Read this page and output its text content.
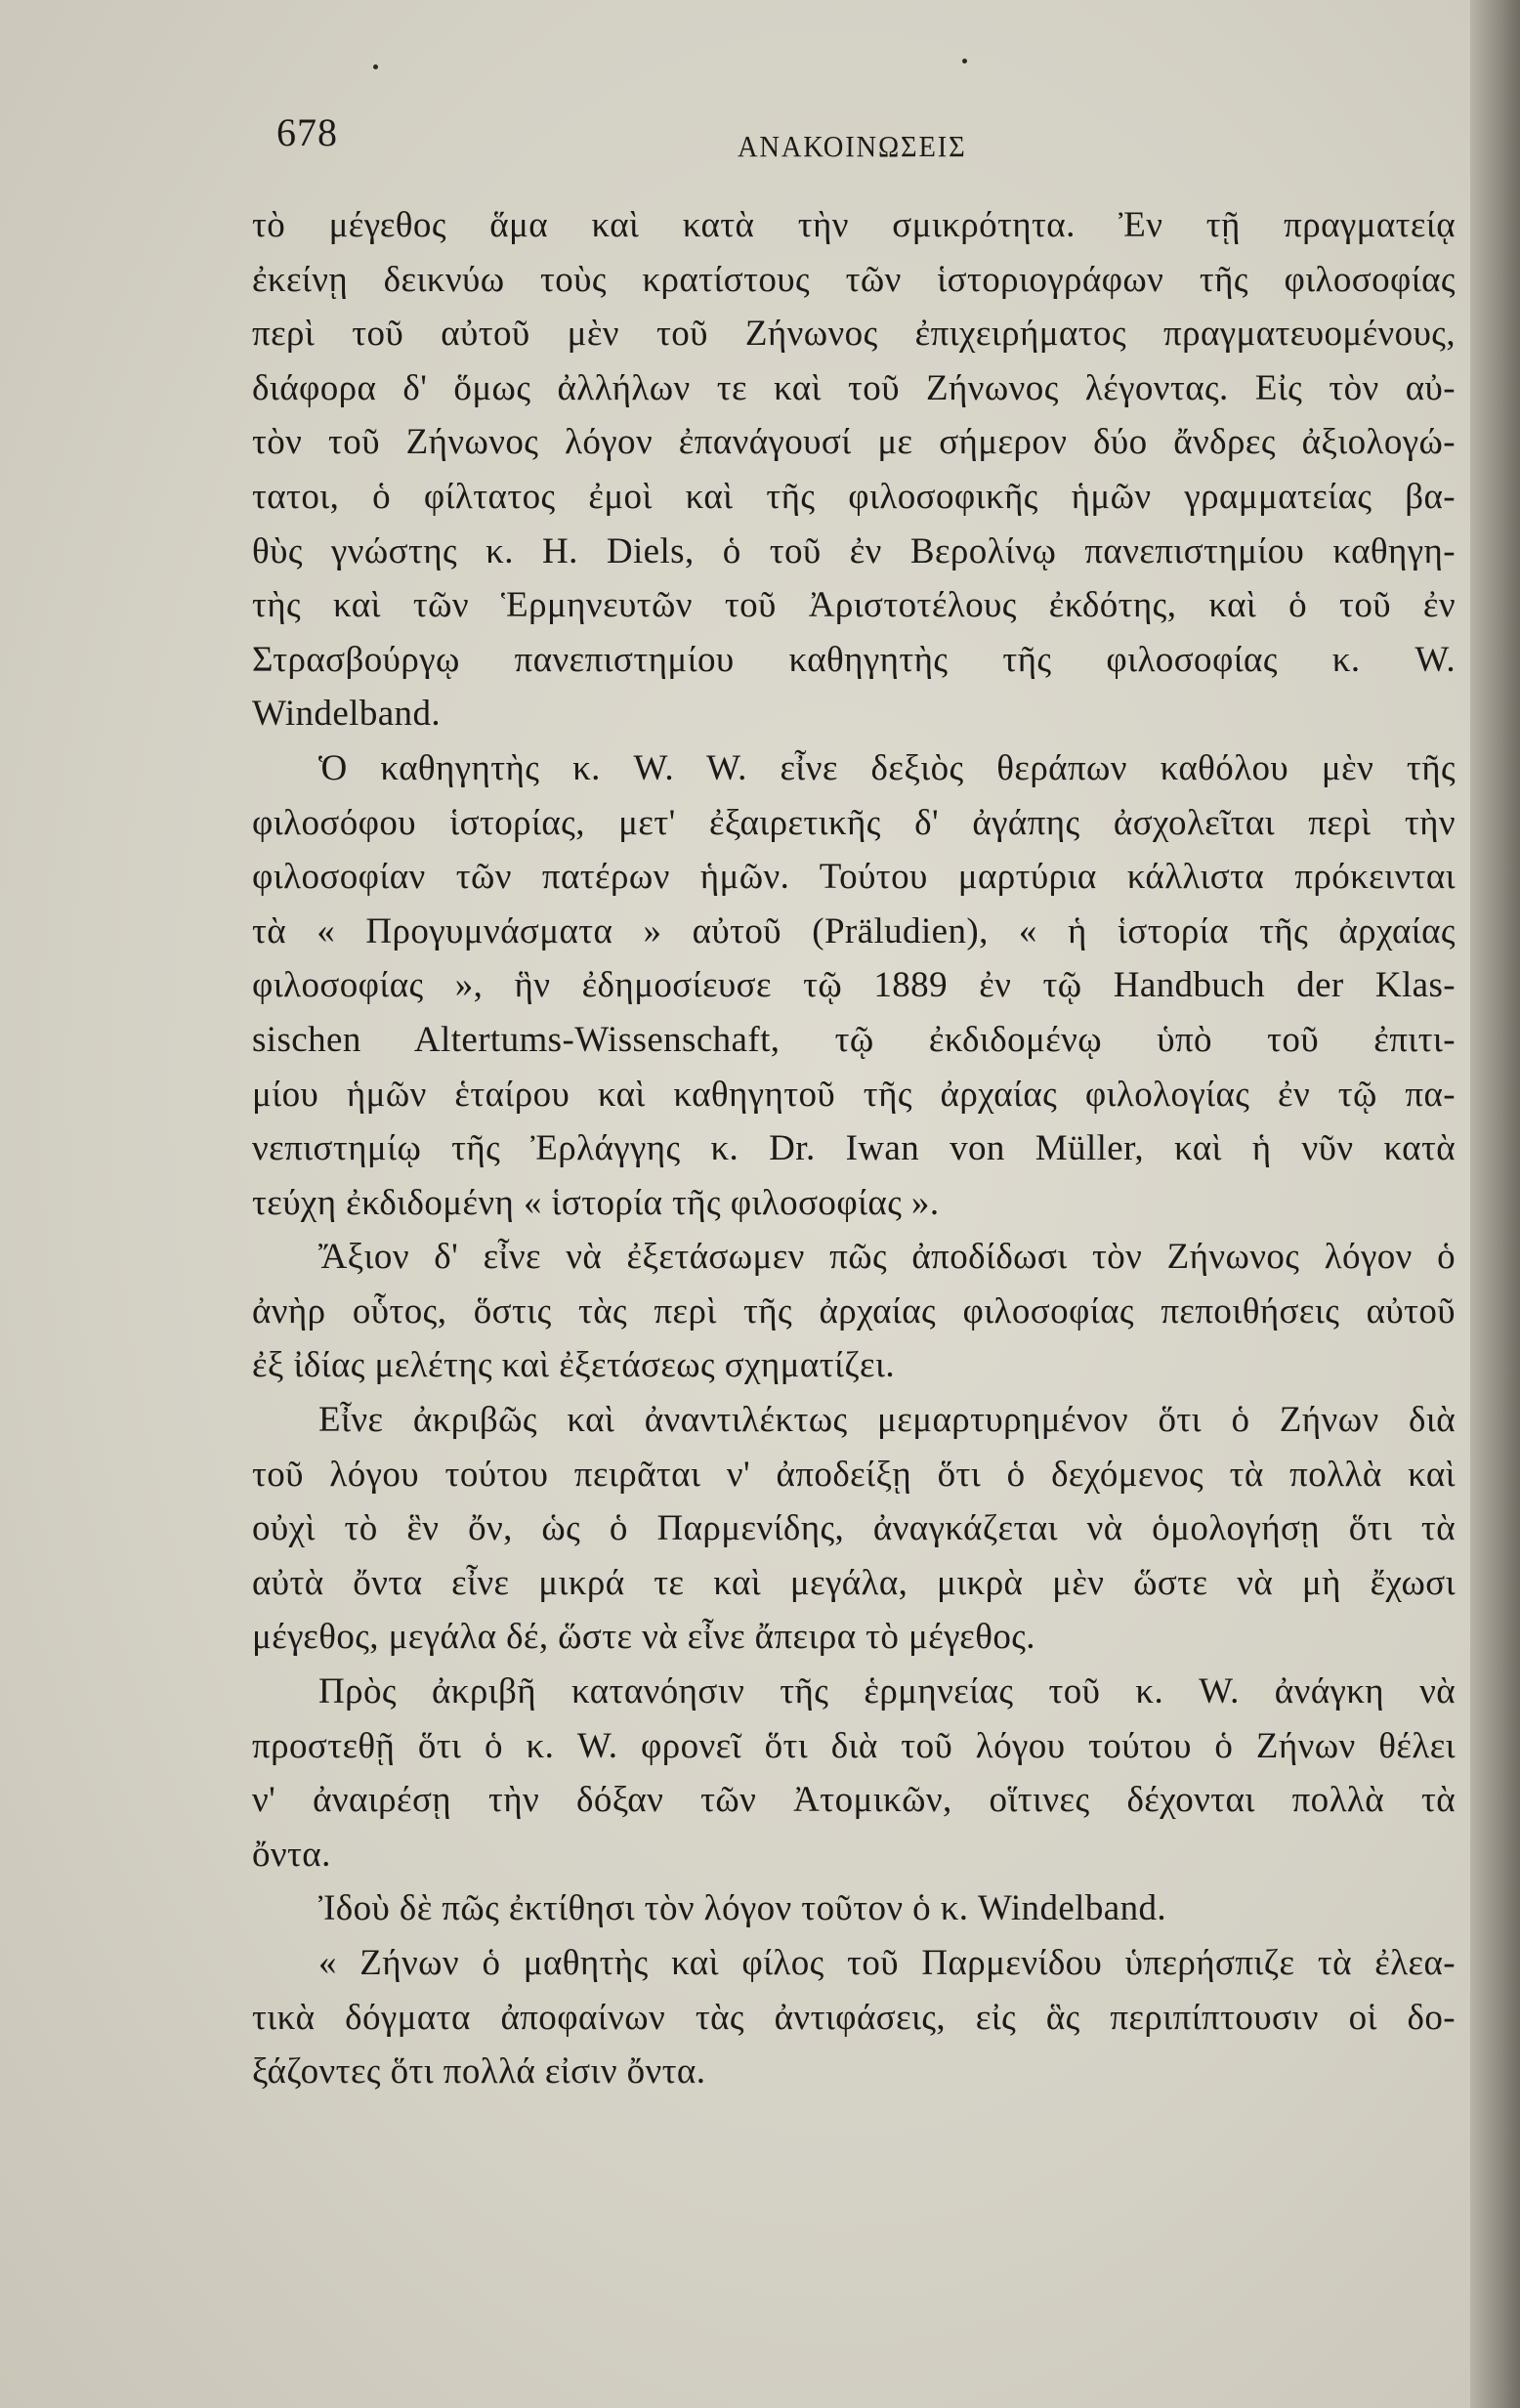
678	ΑΝΑΚΟΙΝΩΣΕΙΣ
τὸ μέγεθος ἅμα καὶ κατὰ τὴν σμικρότητα. Ἐν τῇ πραγματείᾳ
ἐκείνῃ δεικνύω τοὺς κρατίστους τῶν ἱστοριογράφων τῆς φιλοσοφίας
περὶ τοῦ αὐτοῦ μὲν τοῦ Ζήνωνος ἐπιχειρήματος πραγματευομένους,
διάφορα δ' ὅμως ἀλλήλων τε καὶ τοῦ Ζήνωνος λέγοντας. Εἰς τὸν αὐ-
τὸν τοῦ Ζήνωνος λόγον ἐπανάγουσί με σήμερον δύο ἄνδρες ἀξιολογώ-
τατοι, ὁ φίλτατος ἐμοὶ καὶ τῆς φιλοσοφικῆς ἡμῶν γραμματείας βα-
θὺς γνώστης κ. H. Diels, ὁ τοῦ ἐν Βερολίνῳ πανεπιστημίου καθηγη-
τὴς καὶ τῶν Ἑρμηνευτῶν τοῦ Ἀριστοτέλους ἐκδότης, καὶ ὁ τοῦ ἐν
Στρασβούργῳ πανεπιστημίου καθηγητὴς τῆς φιλοσοφίας κ. W.
Windelband.
Ὁ καθηγητὴς κ. W. W. εἶνε δεξιὸς θεράπων καθόλου μὲν τῆς
φιλοσόφου ἱστορίας, μετ' ἐξαιρετικῆς δ' ἀγάπης ἀσχολεῖται περὶ τὴν
φιλοσοφίαν τῶν πατέρων ἡμῶν. Τούτου μαρτύρια κάλλιστα πρόκεινται
τὰ « Προγυμνάσματα » αὐτοῦ (Präludien), « ἡ ἱστορία τῆς ἀρχαίας
φιλοσοφίας », ἣν ἐδημοσίευσε τῷ 1889 ἐν τῷ Handbuch der Klas-
sischen Altertums-Wissenschaft, τῷ ἐκδιδομένῳ ὑπὸ τοῦ ἐπιτι-
μίου ἡμῶν ἑταίρου καὶ καθηγητοῦ τῆς ἀρχαίας φιλολογίας ἐν τῷ πα-
νεπιστημίῳ τῆς Ἐρλάγγης κ. Dr. Iwan von Müller, καὶ ἡ νῦν κατὰ
τεύχη ἐκδιδομένη « ἱστορία τῆς φιλοσοφίας ».
Ἄξιον δ' εἶνε νὰ ἐξετάσωμεν πῶς ἀποδίδωσι τὸν Ζήνωνος λόγον ὁ
ἀνὴρ οὗτος, ὅστις τὰς περὶ τῆς ἀρχαίας φιλοσοφίας πεποιθήσεις αὐτοῦ
ἐξ ἰδίας μελέτης καὶ ἐξετάσεως σχηματίζει.
Εἶνε ἀκριβῶς καὶ ἀναντιλέκτως μεμαρτυρημένον ὅτι ὁ Ζήνων διὰ
τοῦ λόγου τούτου πειρᾶται ν' ἀποδείξῃ ὅτι ὁ δεχόμενος τὰ πολλὰ καὶ
οὐχὶ τὸ ἓν ὄν, ὡς ὁ Παρμενίδης, ἀναγκάζεται νὰ ὁμολογήσῃ ὅτι τὰ
αὐτὰ ὄντα εἶνε μικρά τε καὶ μεγάλα, μικρὰ μὲν ὥστε νὰ μὴ ἔχωσι
μέγεθος, μεγάλα δέ, ὥστε νὰ εἶνε ἄπειρα τὸ μέγεθος.
Πρὸς ἀκριβῆ κατανόησιν τῆς ἑρμηνείας τοῦ κ. W. ἀνάγκη νὰ
προστεθῇ ὅτι ὁ κ. W. φρονεῖ ὅτι διὰ τοῦ λόγου τούτου ὁ Ζήνων θέλει
ν' ἀναιρέσῃ τὴν δόξαν τῶν Ἀτομικῶν, οἵτινες δέχονται πολλὰ τὰ
ὄντα.
Ἰδοὺ δὲ πῶς ἐκτίθησι τὸν λόγον τοῦτον ὁ κ. Windelband.
« Ζήνων ὁ μαθητὴς καὶ φίλος τοῦ Παρμενίδου ὑπερήσπιζε τὰ ἐλεα-
τικὰ δόγματα ἀποφαίνων τὰς ἀντιφάσεις, εἰς ἃς περιπίπτουσιν οἱ δο-
ξάζοντες ὅτι πολλά εἰσιν ὄντα.
